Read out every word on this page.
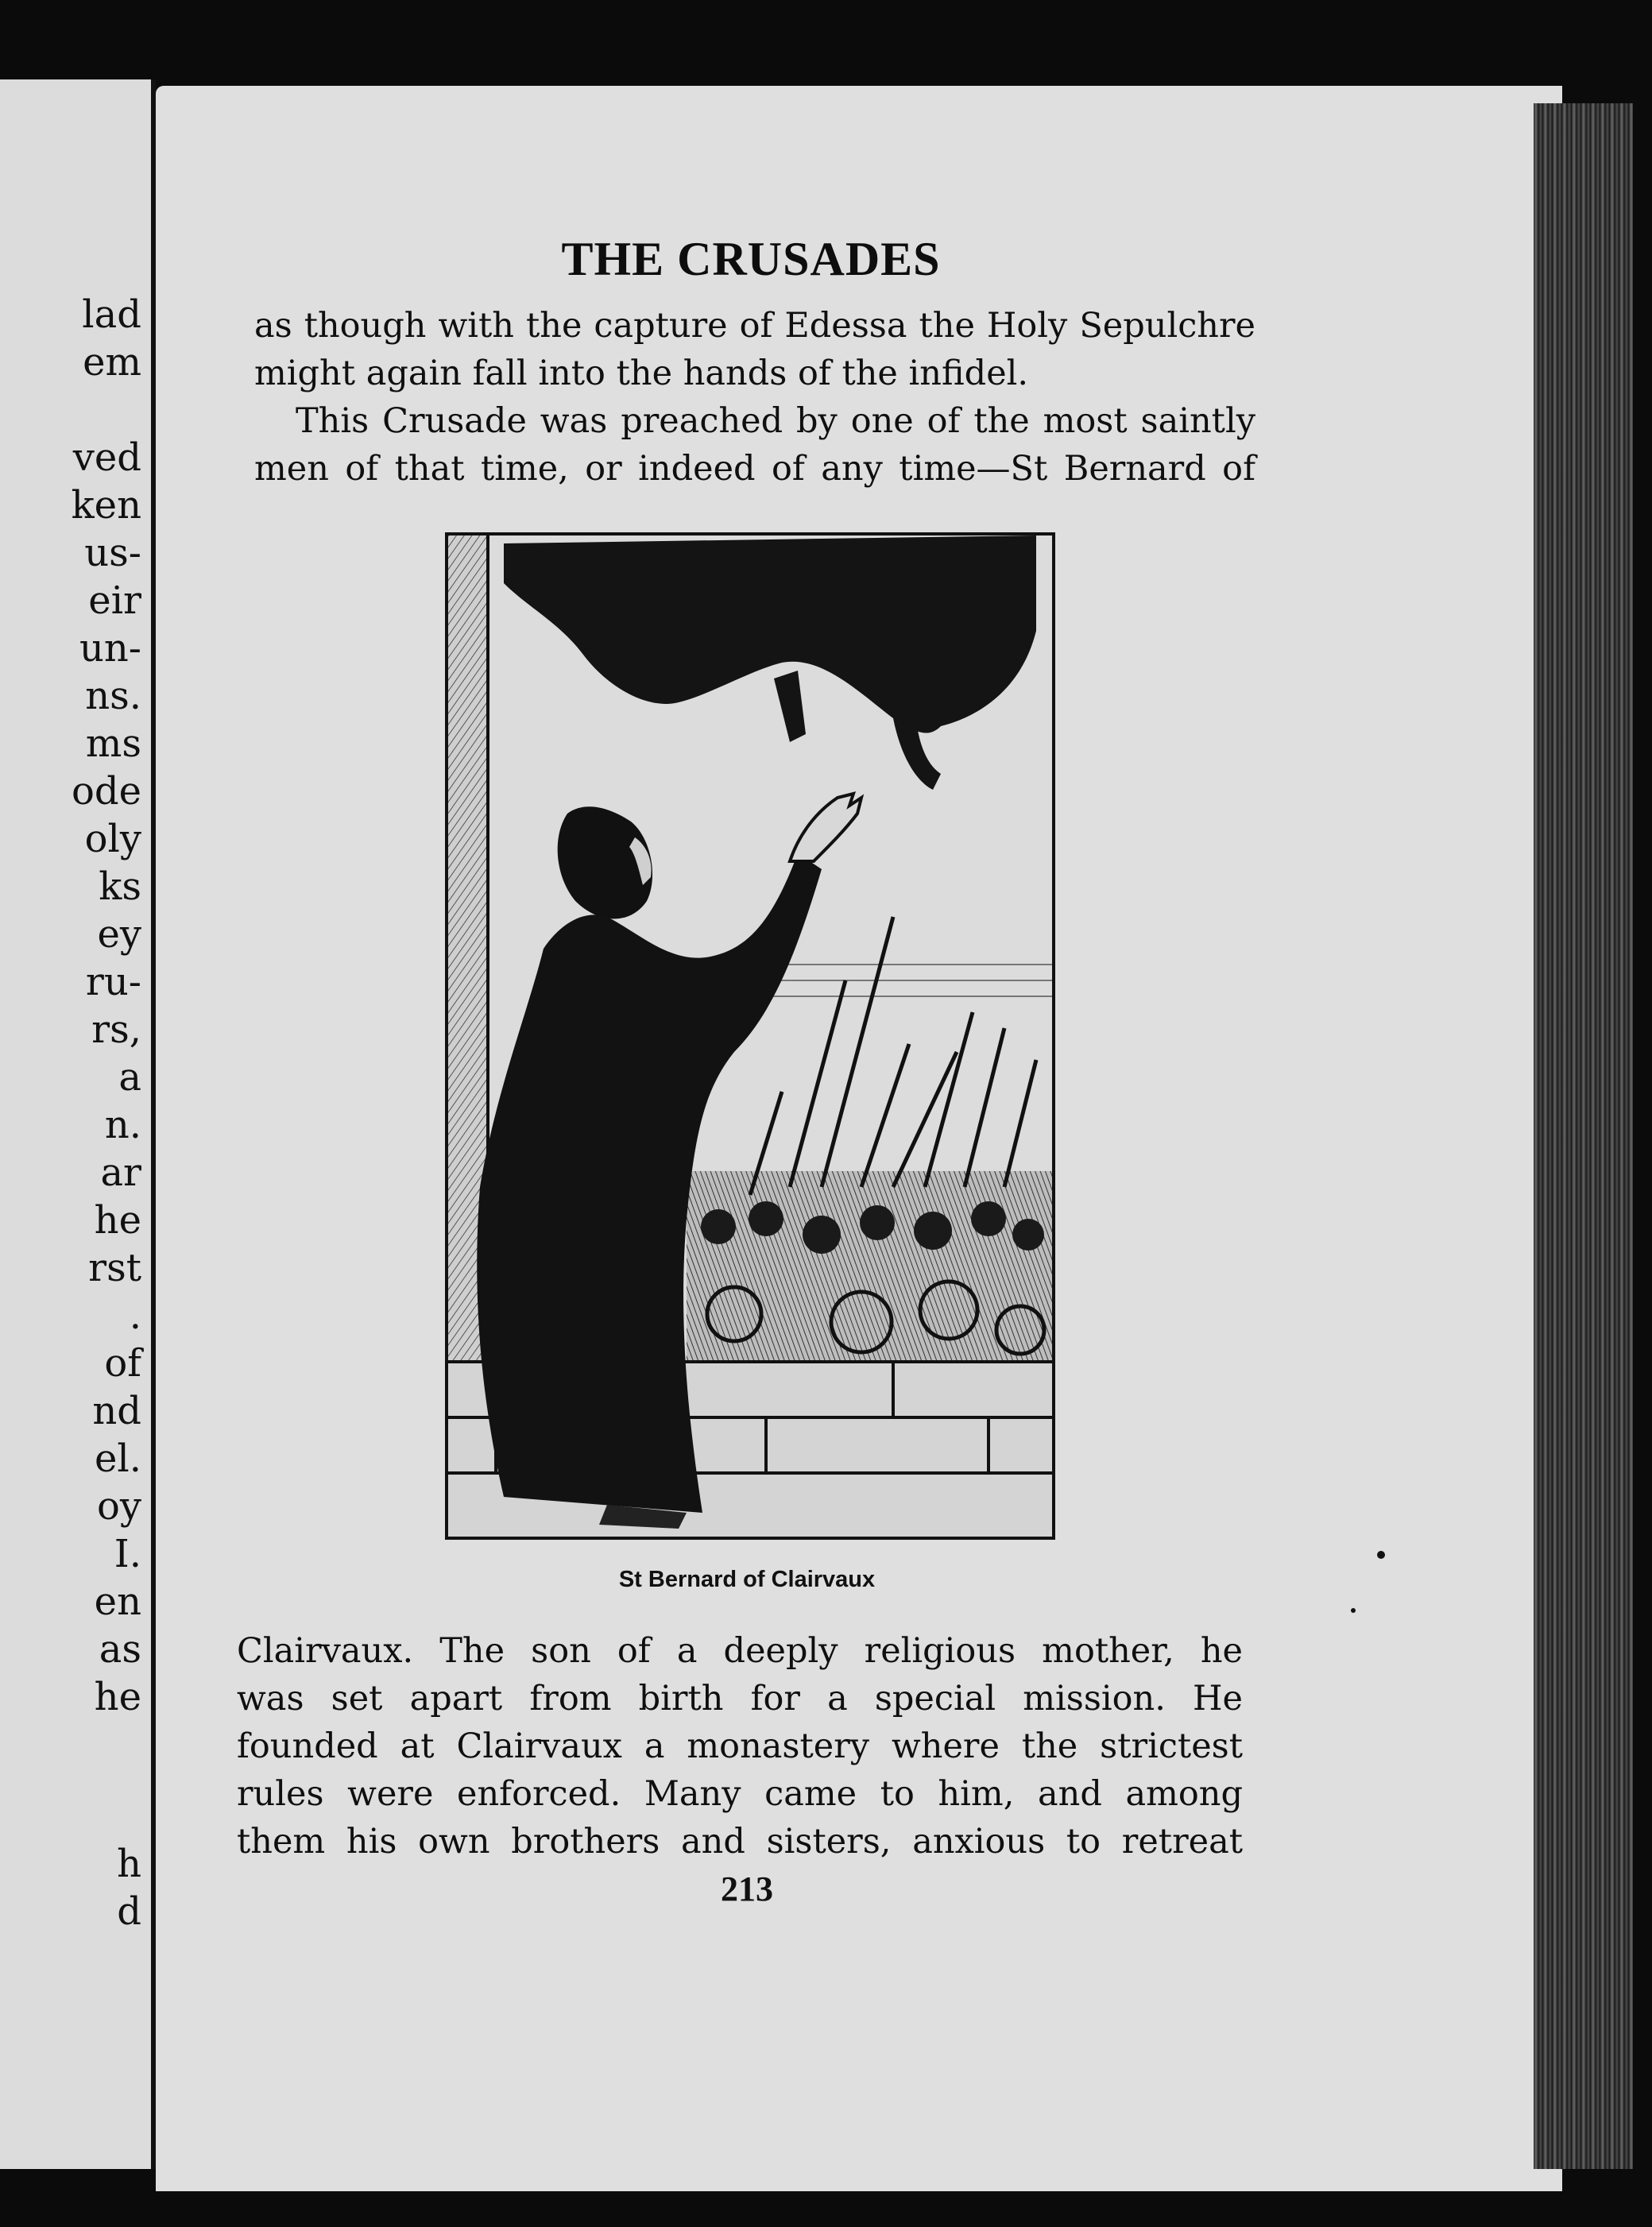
lad
em
ved
ken
us-
eir
un-
ns.
ms
ode
oly
ks
ey
ru-
rs,
a
n.
ar
he
rst
.
of
nd
el.
oy
I.
en
as
he
h
d
THE CRUSADES
as though with the capture of Edessa the Holy Sepulchre
might again fall into the hands of the infidel.
This Crusade was preached by one of the most saintly
men of that time, or indeed of any time—St Bernard of
St Bernard of Clairvaux
Clairvaux. The son of a deeply religious mother, he
was set apart from birth for a special mission. He
founded at Clairvaux a monastery where the strictest
rules were enforced. Many came to him, and among
them his own brothers and sisters, anxious to retreat
213
